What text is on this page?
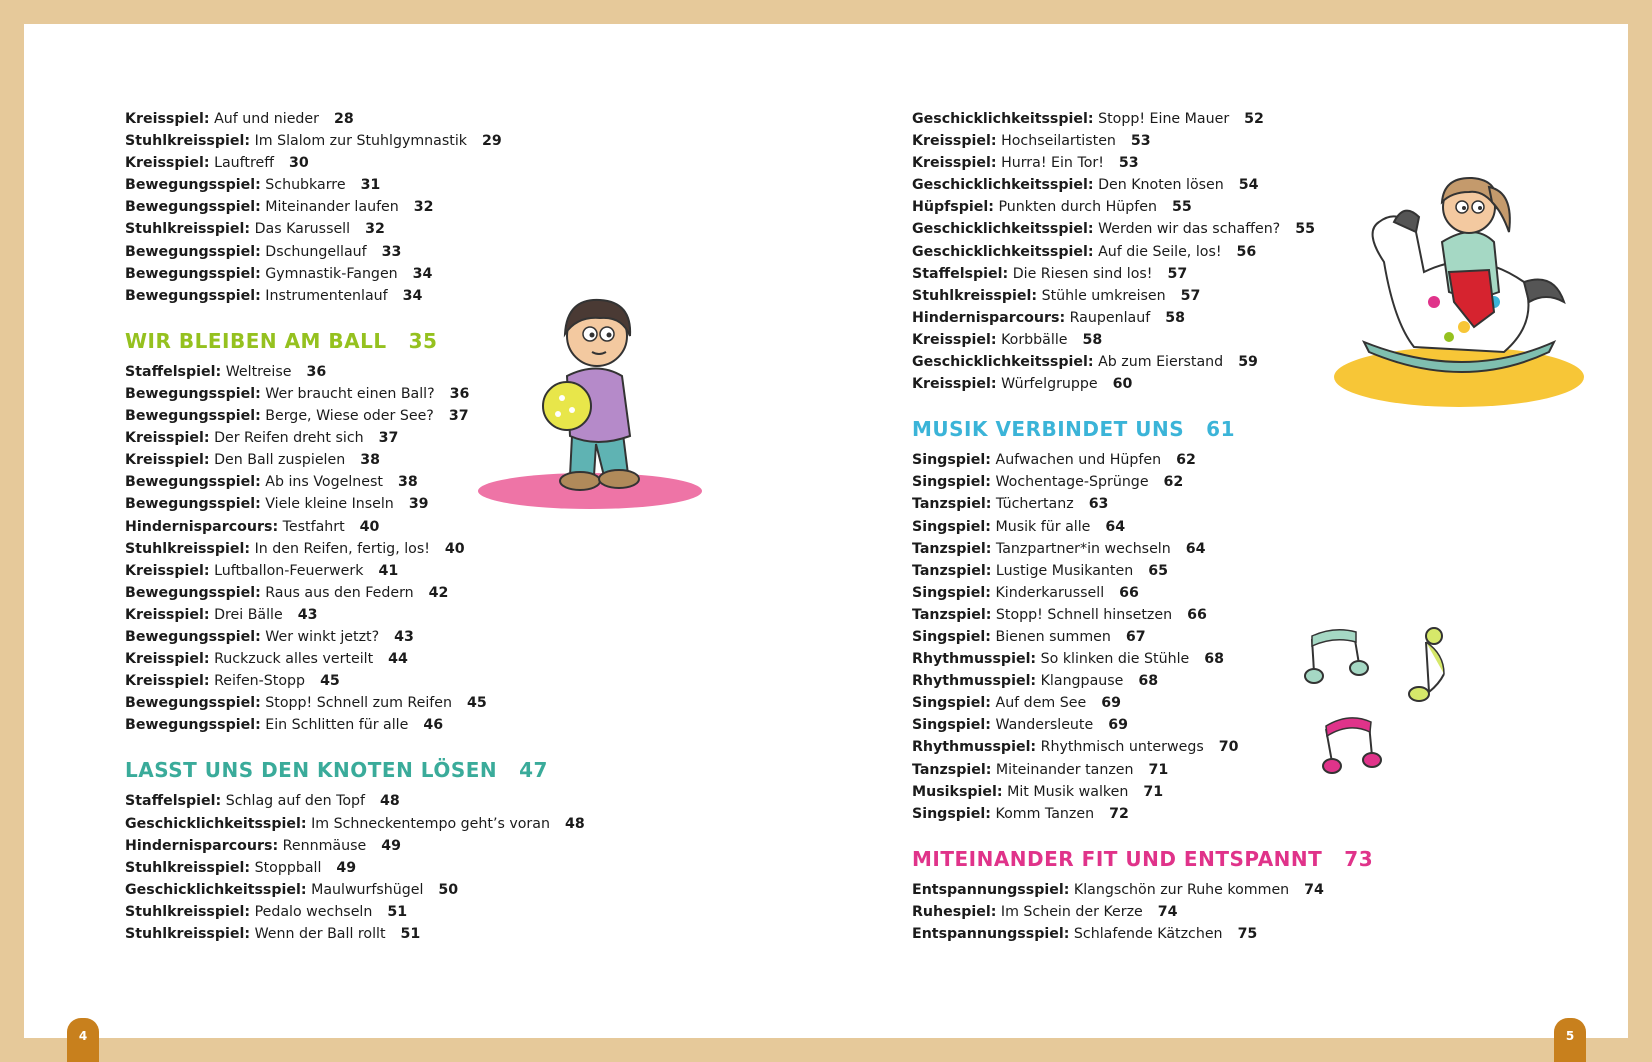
Kreisspiel: Auf und nieder 28
Stuhlkreisspiel: Im Slalom zur Stuhlgymnastik 29
Kreisspiel: Lauftreff 30
Bewegungsspiel: Schubkarre 31
Bewegungsspiel: Miteinander laufen 32
Stuhlkreisspiel: Das Karussell 32
Bewegungsspiel: Dschungellauf 33
Bewegungsspiel: Gymnastik-Fangen 34
Bewegungsspiel: Instrumentenlauf 34
WIR BLEIBEN AM BALL 35
Staffelspiel: Weltreise 36
Bewegungsspiel: Wer braucht einen Ball? 36
Bewegungsspiel: Berge, Wiese oder See? 37
Kreisspiel: Der Reifen dreht sich 37
Kreisspiel: Den Ball zuspielen 38
Bewegungsspiel: Ab ins Vogelnest 38
Bewegungsspiel: Viele kleine Inseln 39
Hindernisparcours: Testfahrt 40
Stuhlkreisspiel: In den Reifen, fertig, los! 40
Kreisspiel: Luftballon-Feuerwerk 41
Bewegungsspiel: Raus aus den Federn 42
Kreisspiel: Drei Bälle 43
Bewegungsspiel: Wer winkt jetzt? 43
Kreisspiel: Ruckzuck alles verteilt 44
Kreisspiel: Reifen-Stopp 45
Bewegungsspiel: Stopp! Schnell zum Reifen 45
Bewegungsspiel: Ein Schlitten für alle 46
LASST UNS DEN KNOTEN LÖSEN 47
Staffelspiel: Schlag auf den Topf 48
Geschicklichkeitsspiel: Im Schneckentempo geht’s voran 48
Hindernisparcours: Rennmäuse 49
Stuhlkreisspiel: Stoppball 49
Geschicklichkeitsspiel: Maulwurfshügel 50
Stuhlkreisspiel: Pedalo wechseln 51
Stuhlkreisspiel: Wenn der Ball rollt 51
Geschicklichkeitsspiel: Stopp! Eine Mauer 52
Kreisspiel: Hochseilartisten 53
Kreisspiel: Hurra! Ein Tor! 53
Geschicklichkeitsspiel: Den Knoten lösen 54
Hüpfspiel: Punkten durch Hüpfen 55
Geschicklichkeitsspiel: Werden wir das schaffen? 55
Geschicklichkeitsspiel: Auf die Seile, los! 56
Staffelspiel: Die Riesen sind los! 57
Stuhlkreisspiel: Stühle umkreisen 57
Hindernisparcours: Raupenlauf 58
Kreisspiel: Korbbälle 58
Geschicklichkeitsspiel: Ab zum Eierstand 59
Kreisspiel: Würfelgruppe 60
MUSIK VERBINDET UNS 61
Singspiel: Aufwachen und Hüpfen 62
Singspiel: Wochentage-Sprünge 62
Tanzspiel: Tüchertanz 63
Singspiel: Musik für alle 64
Tanzspiel: Tanzpartner*in wechseln 64
Tanzspiel: Lustige Musikanten 65
Singspiel: Kinderkarussell 66
Tanzspiel: Stopp! Schnell hinsetzen 66
Singspiel: Bienen summen 67
Rhythmusspiel: So klinken die Stühle 68
Rhythmusspiel: Klangpause 68
Singspiel: Auf dem See 69
Singspiel: Wandersleute 69
Rhythmusspiel: Rhythmisch unterwegs 70
Tanzspiel: Miteinander tanzen 71
Musikspiel: Mit Musik walken 71
Singspiel: Komm Tanzen 72
MITEINANDER FIT UND ENTSPANNT 73
Entspannungsspiel: Klangschön zur Ruhe kommen 74
Ruhespiel: Im Schein der Kerze 74
Entspannungsspiel: Schlafende Kätzchen 75
4	5
